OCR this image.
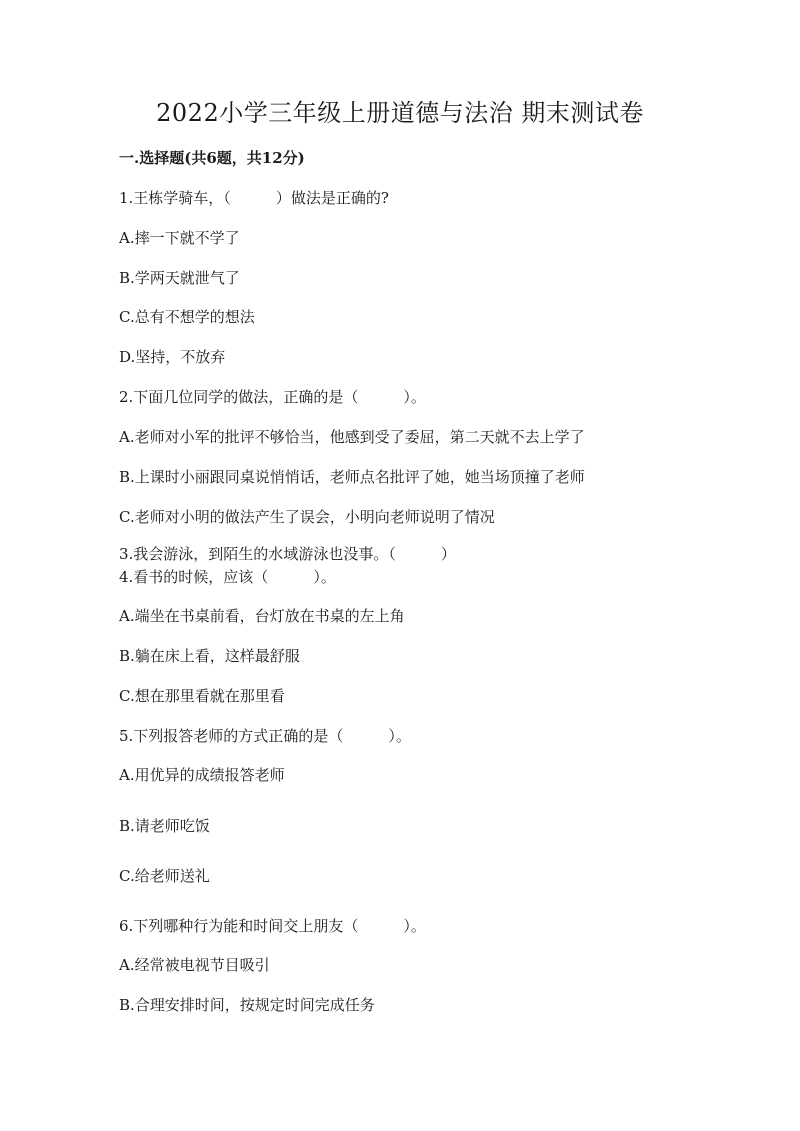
2022小学三年级上册道德与法治 期末测试卷
一.选择题(共6题，共12分)
1.王栋学骑车，（　　　）做法是正确的?
A.摔一下就不学了
B.学两天就泄气了
C.总有不想学的想法
D.坚持，不放弃
2.下面几位同学的做法，正确的是（　　　）。
A.老师对小军的批评不够恰当，他感到受了委屈，第二天就不去上学了
B.上课时小丽跟同桌说悄悄话，老师点名批评了她，她当场顶撞了老师
C.老师对小明的做法产生了误会，小明向老师说明了情况
3.我会游泳，到陌生的水域游泳也没事。（　　　）
4.看书的时候，应该（　　　）。
A.端坐在书桌前看，台灯放在书桌的左上角
B.躺在床上看，这样最舒服
C.想在那里看就在那里看
5.下列报答老师的方式正确的是（　　　）。
A.用优异的成绩报答老师
B.请老师吃饭
C.给老师送礼
6.下列哪种行为能和时间交上朋友（　　　）。
A.经常被电视节目吸引
B.合理安排时间，按规定时间完成任务
